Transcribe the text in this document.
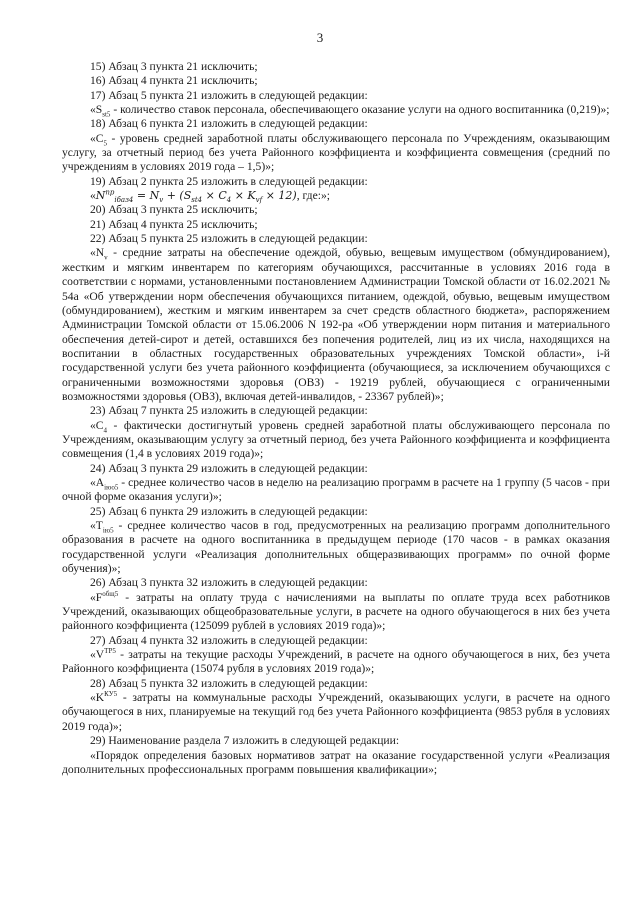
3

15) Абзац 3 пункта 21 исключить;

16) Абзац 4 пункта 21 исключить;

17) Абзац 5 пункта 21 изложить в следующей редакции:

«$S_{st5}$ - количество ставок персонала, обеспечивающего оказание услуги на одного воспитанника (0,219)»;

18) Абзац 6 пункта 21 изложить в следующей редакции:

«$C_5$ - уровень средней заработной платы обслуживающего персонала по Учреждениям, оказывающим услугу, за отчетный период без учета Районного коэффициента и коэффициента совмещения (средний по учреждениям в условиях 2019 года – 1,5)»;

19) Абзац 2 пункта 25 изложить в следующей редакции:

«$N^{пр}_{iбаз4} = N_v + (S_{st4} \times C_4 \times K_{vf} \times 12)$, где:»;

20) Абзац 3 пункта 25 исключить;

21) Абзац 4 пункта 25 исключить;

22) Абзац 5 пункта 25 изложить в следующей редакции:

«$N_v$ - средние затраты на обеспечение одеждой, обувью, вещевым имуществом (обмундированием), жестким и мягким инвентарем по категориям обучающихся, рассчитанные в условиях 2016 года в соответствии с нормами, установленными постановлением Администрации Томской области от 16.02.2021 № 54а «Об утверждении норм обеспечения обучающихся питанием, одеждой, обувью, вещевым имуществом (обмундированием), жестким и мягким инвентарем за счет средств областного бюджета», распоряжением Администрации Томской области от 15.06.2006 N 192-ра «Об утверждении норм питания и материального обеспечения детей-сирот и детей, оставшихся без попечения родителей, лиц из их числа, находящихся на воспитании в областных государственных образовательных учреждениях Томской области», i-й государственной услуги без учета районного коэффициента (обучающиеся, за исключением обучающихся с ограниченными возможностями здоровья (ОВЗ) - 19219 рублей, обучающиеся с ограниченными возможностями здоровья (ОВЗ), включая детей-инвалидов, - 23367 рублей)»;

23) Абзац 7 пункта 25 изложить в следующей редакции:

«$C_4$ - фактически достигнутый уровень средней заработной платы обслуживающего персонала по Учреждениям, оказывающим услугу за отчетный период, без учета Районного коэффициента и коэффициента совмещения (1,4 в условиях 2019 года)»;

24) Абзац 3 пункта 29 изложить в следующей редакции:

«$A_{iюо5}$ - среднее количество часов в неделю на реализацию программ в расчете на 1 группу (5 часов - при очной форме оказания услуги)»;

25) Абзац 6 пункта 29 изложить в следующей редакции:

«$T_{iю5}$ - среднее количество часов в год, предусмотренных на реализацию программ дополнительного образования в расчете на одного воспитанника в предыдущем периоде (170 часов - в рамках оказания государственной услуги «Реализация дополнительных общеразвивающих программ» по очной форме обучения)»;

26) Абзац 3 пункта 32 изложить в следующей редакции:

«$F^{общ5}$ - затраты на оплату труда с начислениями на выплаты по оплате труда всех работников Учреждений, оказывающих общеобразовательные услуги, в расчете на одного обучающегося в них без учета районного коэффициента (125099 рублей в условиях 2019 года)»;

27) Абзац 4 пункта 32 изложить в следующей редакции:

«$V^{ТР5}$ - затраты на текущие расходы Учреждений, в расчете на одного обучающегося в них, без учета Районного коэффициента (15074 рубля в условиях 2019 года)»;

28) Абзац 5 пункта 32 изложить в следующей редакции:

«$K^{КУ5}$ - затраты на коммунальные расходы Учреждений, оказывающих услуги, в расчете на одного обучающегося в них, планируемые на текущий год без учета Районного коэффициента (9853 рубля в условиях 2019 года)»;

29) Наименование раздела 7 изложить в следующей редакции:

«Порядок определения базовых нормативов затрат на оказание государственной услуги «Реализация дополнительных профессиональных программ повышения квалификации»;
